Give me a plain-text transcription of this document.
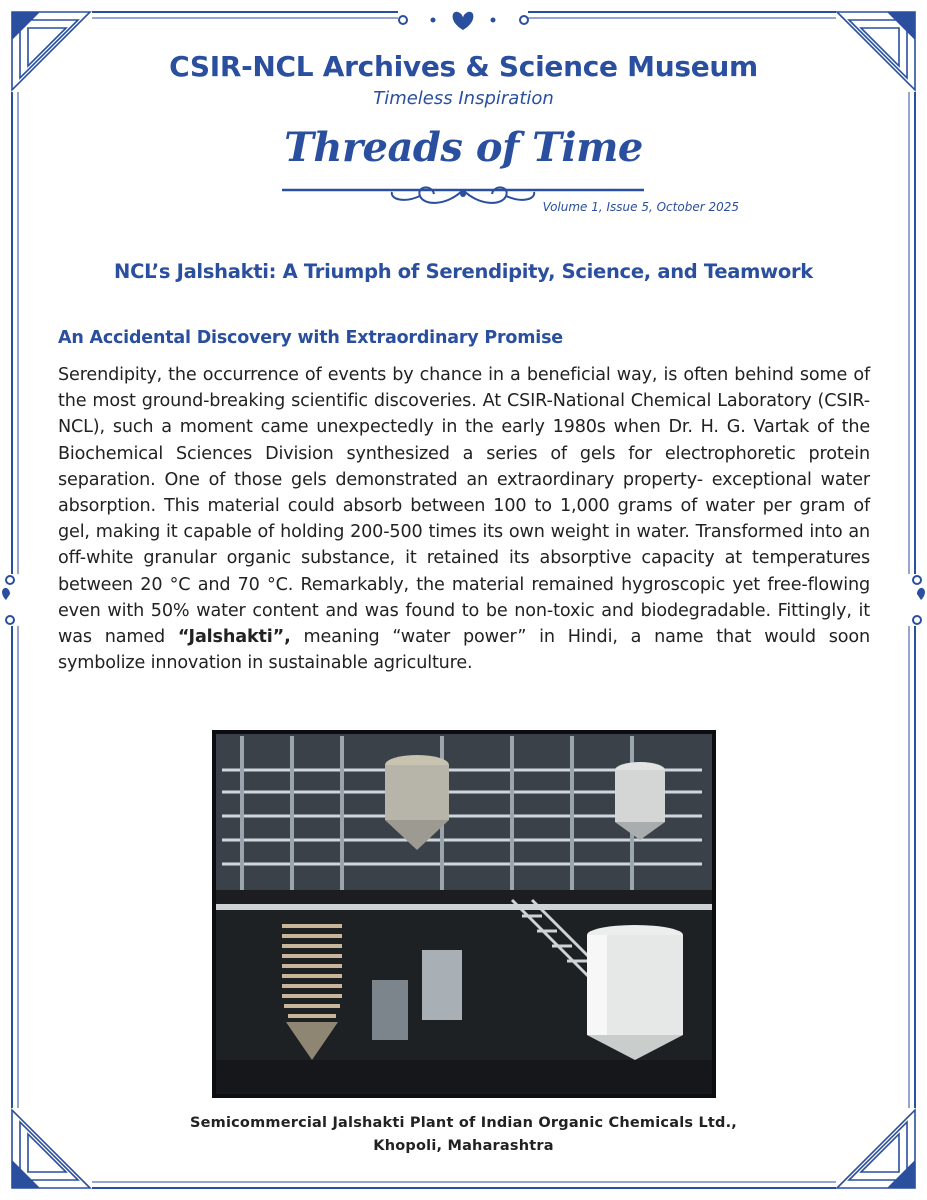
CSIR-NCL Archives & Science Museum
Timeless Inspiration
Threads of Time
Volume 1, Issue 5, October 2025
NCL’s Jalshakti: A Triumph of Serendipity, Science, and Teamwork
An Accidental Discovery with Extraordinary Promise

Serendipity, the occurrence of events by chance in a beneficial way, is often behind some of the most ground-breaking scientific discoveries. At CSIR-National Chemical Laboratory (CSIR-NCL), such a moment came unexpectedly in the early 1980s when Dr. H. G. Vartak of the Biochemical Sciences Division synthesized a series of gels for electrophoretic protein separation. One of those gels demonstrated an extraordinary property- exceptional water absorption. This material could absorb between 100 to 1,000 grams of water per gram of gel, making it capable of holding 200-500 times its own weight in water. Transformed into an off-white granular organic substance, it retained its absorptive capacity at temperatures between 20 °C and 70 °C. Remarkably, the material remained hygroscopic yet free-flowing even with 50% water content and was found to be non-toxic and biodegradable. Fittingly, it was named “Jalshakti”, meaning “water power” in Hindi, a name that would soon symbolize innovation in sustainable agriculture.

Semicommercial Jalshakti Plant of Indian Organic Chemicals Ltd.,
Khopoli, Maharashtra
